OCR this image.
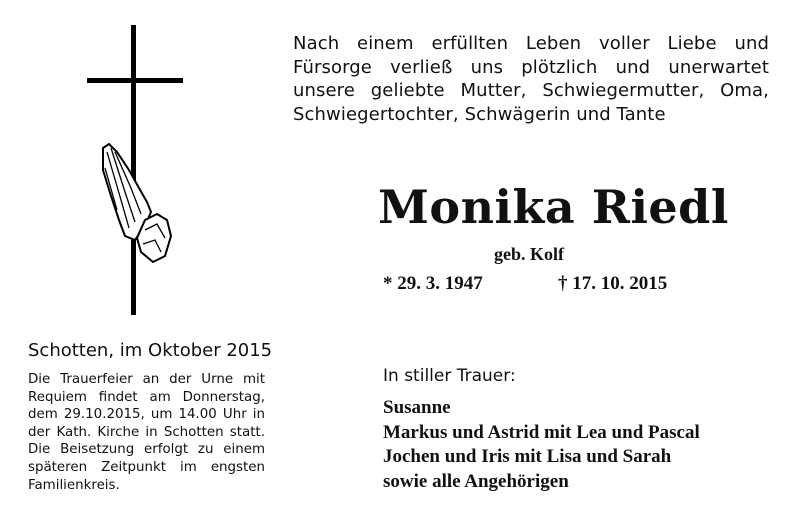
Nach einem erfüllten Leben voller Liebe und Fürsorge verließ uns plötzlich und unerwartet unsere geliebte Mutter, Schwiegermutter, Oma, Schwiegertochter, Schwägerin und Tante
Monika Riedl
geb. Kolf
* 29. 3. 1947	† 17. 10. 2015
Schotten, im Oktober 2015
Die Trauerfeier an der Urne mit Requiem findet am Donnerstag, dem 29.10.2015, um 14.00 Uhr in der Kath. Kirche in Schotten statt. Die Beisetzung erfolgt zu einem späteren Zeitpunkt im engsten Familienkreis.
In stiller Trauer:
Susanne
Markus und Astrid mit Lea und Pascal
Jochen und Iris mit Lisa und Sarah
sowie alle Angehörigen
